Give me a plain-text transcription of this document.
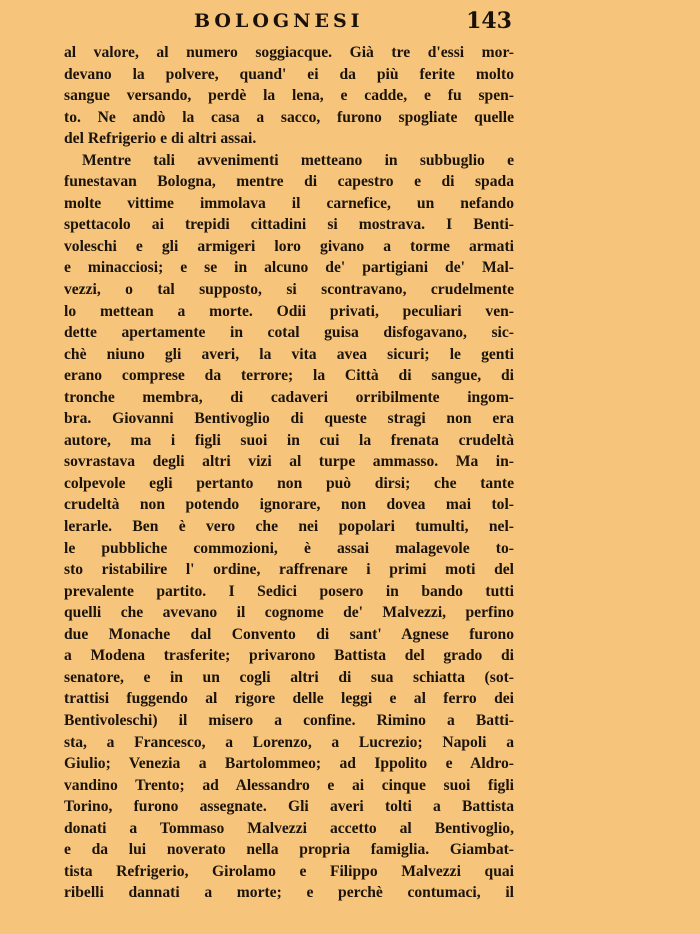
BOLOGNESI	143
al valore, al numero soggiacque. Già tre d'essi mor-
devano la polvere, quand' ei da più ferite molto
sangue versando, perdè la lena, e cadde, e fu spen-
to. Ne andò la casa a sacco, furono spogliate quelle
del Refrigerio e di altri assai.
Mentre tali avvenimenti metteano in subbuglio e
funestavan Bologna, mentre di capestro e di spada
molte vittime immolava il carnefice, un nefando
spettacolo ai trepidi cittadini si mostrava. I Benti-
voleschi e gli armigeri loro givano a torme armati
e minacciosi; e se in alcuno de' partigiani de' Mal-
vezzi, o tal supposto, si scontravano, crudelmente
lo mettean a morte. Odii privati, peculiari ven-
dette apertamente in cotal guisa disfogavano, sic-
chè niuno gli averi, la vita avea sicuri; le genti
erano comprese da terrore; la Città di sangue, di
tronche membra, di cadaveri orribilmente ingom-
bra. Giovanni Bentivoglio di queste stragi non era
autore, ma i figli suoi in cui la frenata crudeltà
sovrastava degli altri vizi al turpe ammasso. Ma in-
colpevole egli pertanto non può dirsi; che tante
crudeltà non potendo ignorare, non dovea mai tol-
lerarle. Ben è vero che nei popolari tumulti, nel-
le pubbliche commozioni, è assai malagevole to-
sto ristabilire l' ordine, raffrenare i primi moti del
prevalente partito. I Sedici posero in bando tutti
quelli che avevano il cognome de' Malvezzi, perfino
due Monache dal Convento di sant' Agnese furono
a Modena trasferite; privarono Battista del grado di
senatore, e in un cogli altri di sua schiatta (sot-
trattisi fuggendo al rigore delle leggi e al ferro dei
Bentivoleschi) il misero a confine. Rimino a Batti-
sta, a Francesco, a Lorenzo, a Lucrezio; Napoli a
Giulio; Venezia a Bartolommeo; ad Ippolito e Aldro-
vandino Trento; ad Alessandro e ai cinque suoi figli
Torino, furono assegnate. Gli averi tolti a Battista
donati a Tommaso Malvezzi accetto al Bentivoglio,
e da lui noverato nella propria famiglia. Giambat-
tista Refrigerio, Girolamo e Filippo Malvezzi quai
ribelli dannati a morte; e perchè contumaci, il
